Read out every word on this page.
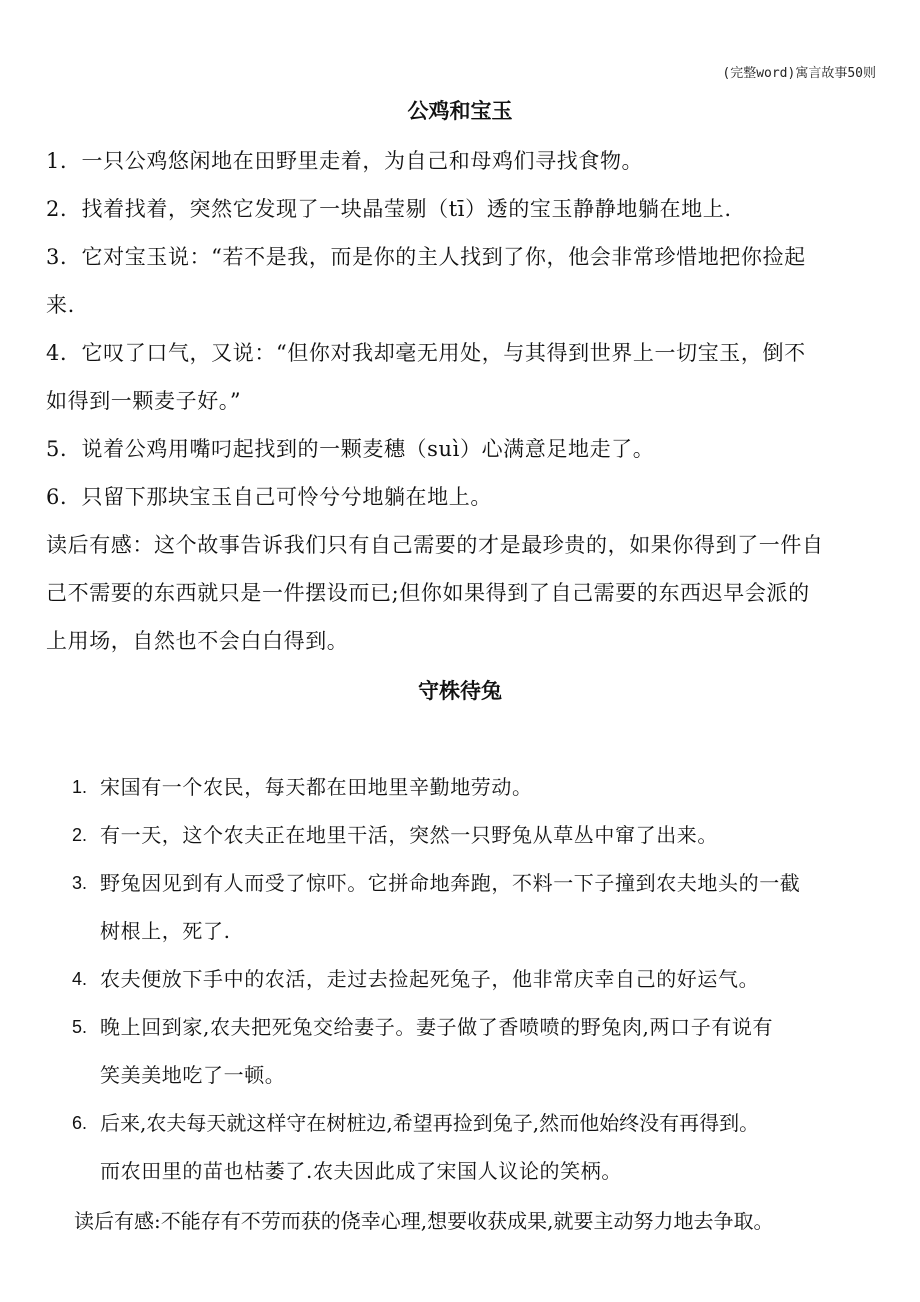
(完整word)寓言故事50则
公鸡和宝玉
1．一只公鸡悠闲地在田野里走着，为自己和母鸡们寻找食物。
2．找着找着，突然它发现了一块晶莹剔（tī）透的宝玉静静地躺在地上.
3．它对宝玉说：“若不是我，而是你的主人找到了你，他会非常珍惜地把你捡起
来.
4．它叹了口气，又说：“但你对我却毫无用处，与其得到世界上一切宝玉，倒不
如得到一颗麦子好。”
5．说着公鸡用嘴叼起找到的一颗麦穗（suì）心满意足地走了。
6．只留下那块宝玉自己可怜兮兮地躺在地上。
读后有感：这个故事告诉我们只有自己需要的才是最珍贵的，如果你得到了一件自
己不需要的东西就只是一件摆设而已;但你如果得到了自己需要的东西迟早会派的
上用场，自然也不会白白得到。
守株待兔
1. 宋国有一个农民，每天都在田地里辛勤地劳动。
2. 有一天，这个农夫正在地里干活，突然一只野兔从草丛中窜了出来。
3. 野兔因见到有人而受了惊吓。它拼命地奔跑，不料一下子撞到农夫地头的一截
树根上，死了.
4. 农夫便放下手中的农活，走过去捡起死兔子，他非常庆幸自己的好运气。
5. 晚上回到家,农夫把死兔交给妻子。妻子做了香喷喷的野兔肉,两口子有说有
笑美美地吃了一顿。
6. 后来,农夫每天就这样守在树桩边,希望再捡到兔子,然而他始终没有再得到。
而农田里的苗也枯萎了.农夫因此成了宋国人议论的笑柄。
读后有感:不能存有不劳而获的侥幸心理,想要收获成果,就要主动努力地去争取。
